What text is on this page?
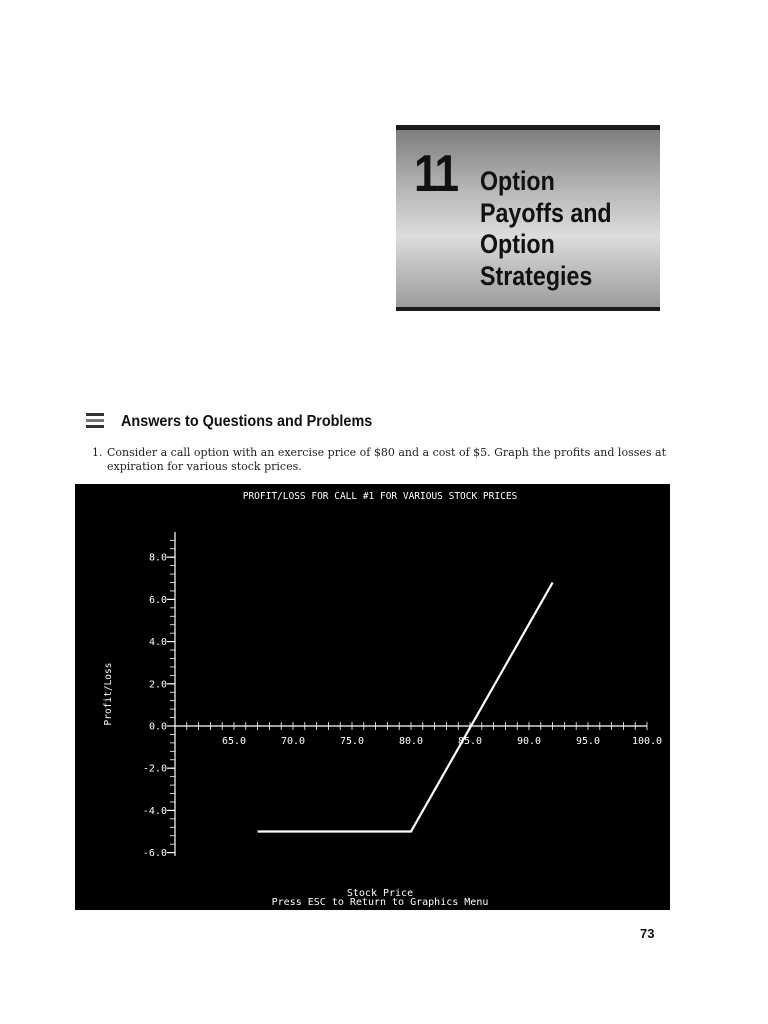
11 Option
Payoffs and
Option
Strategies
Answers to Questions and Problems
1. Consider a call option with an exercise price of $80 and a cost of $5. Graph the profits and losses at expiration for various stock prices.
PROFIT/LOSS FOR CALL #1 FOR VARIOUS STOCK PRICES
8.0
6.0
4.0
2.0
0.0
-2.0
-4.0
-6.0
65.0	70.0	75.0	80.0	85.0	90.0	95.0	100.0
Profit/Loss
Stock Price
Press ESC to Return to Graphics Menu
73
